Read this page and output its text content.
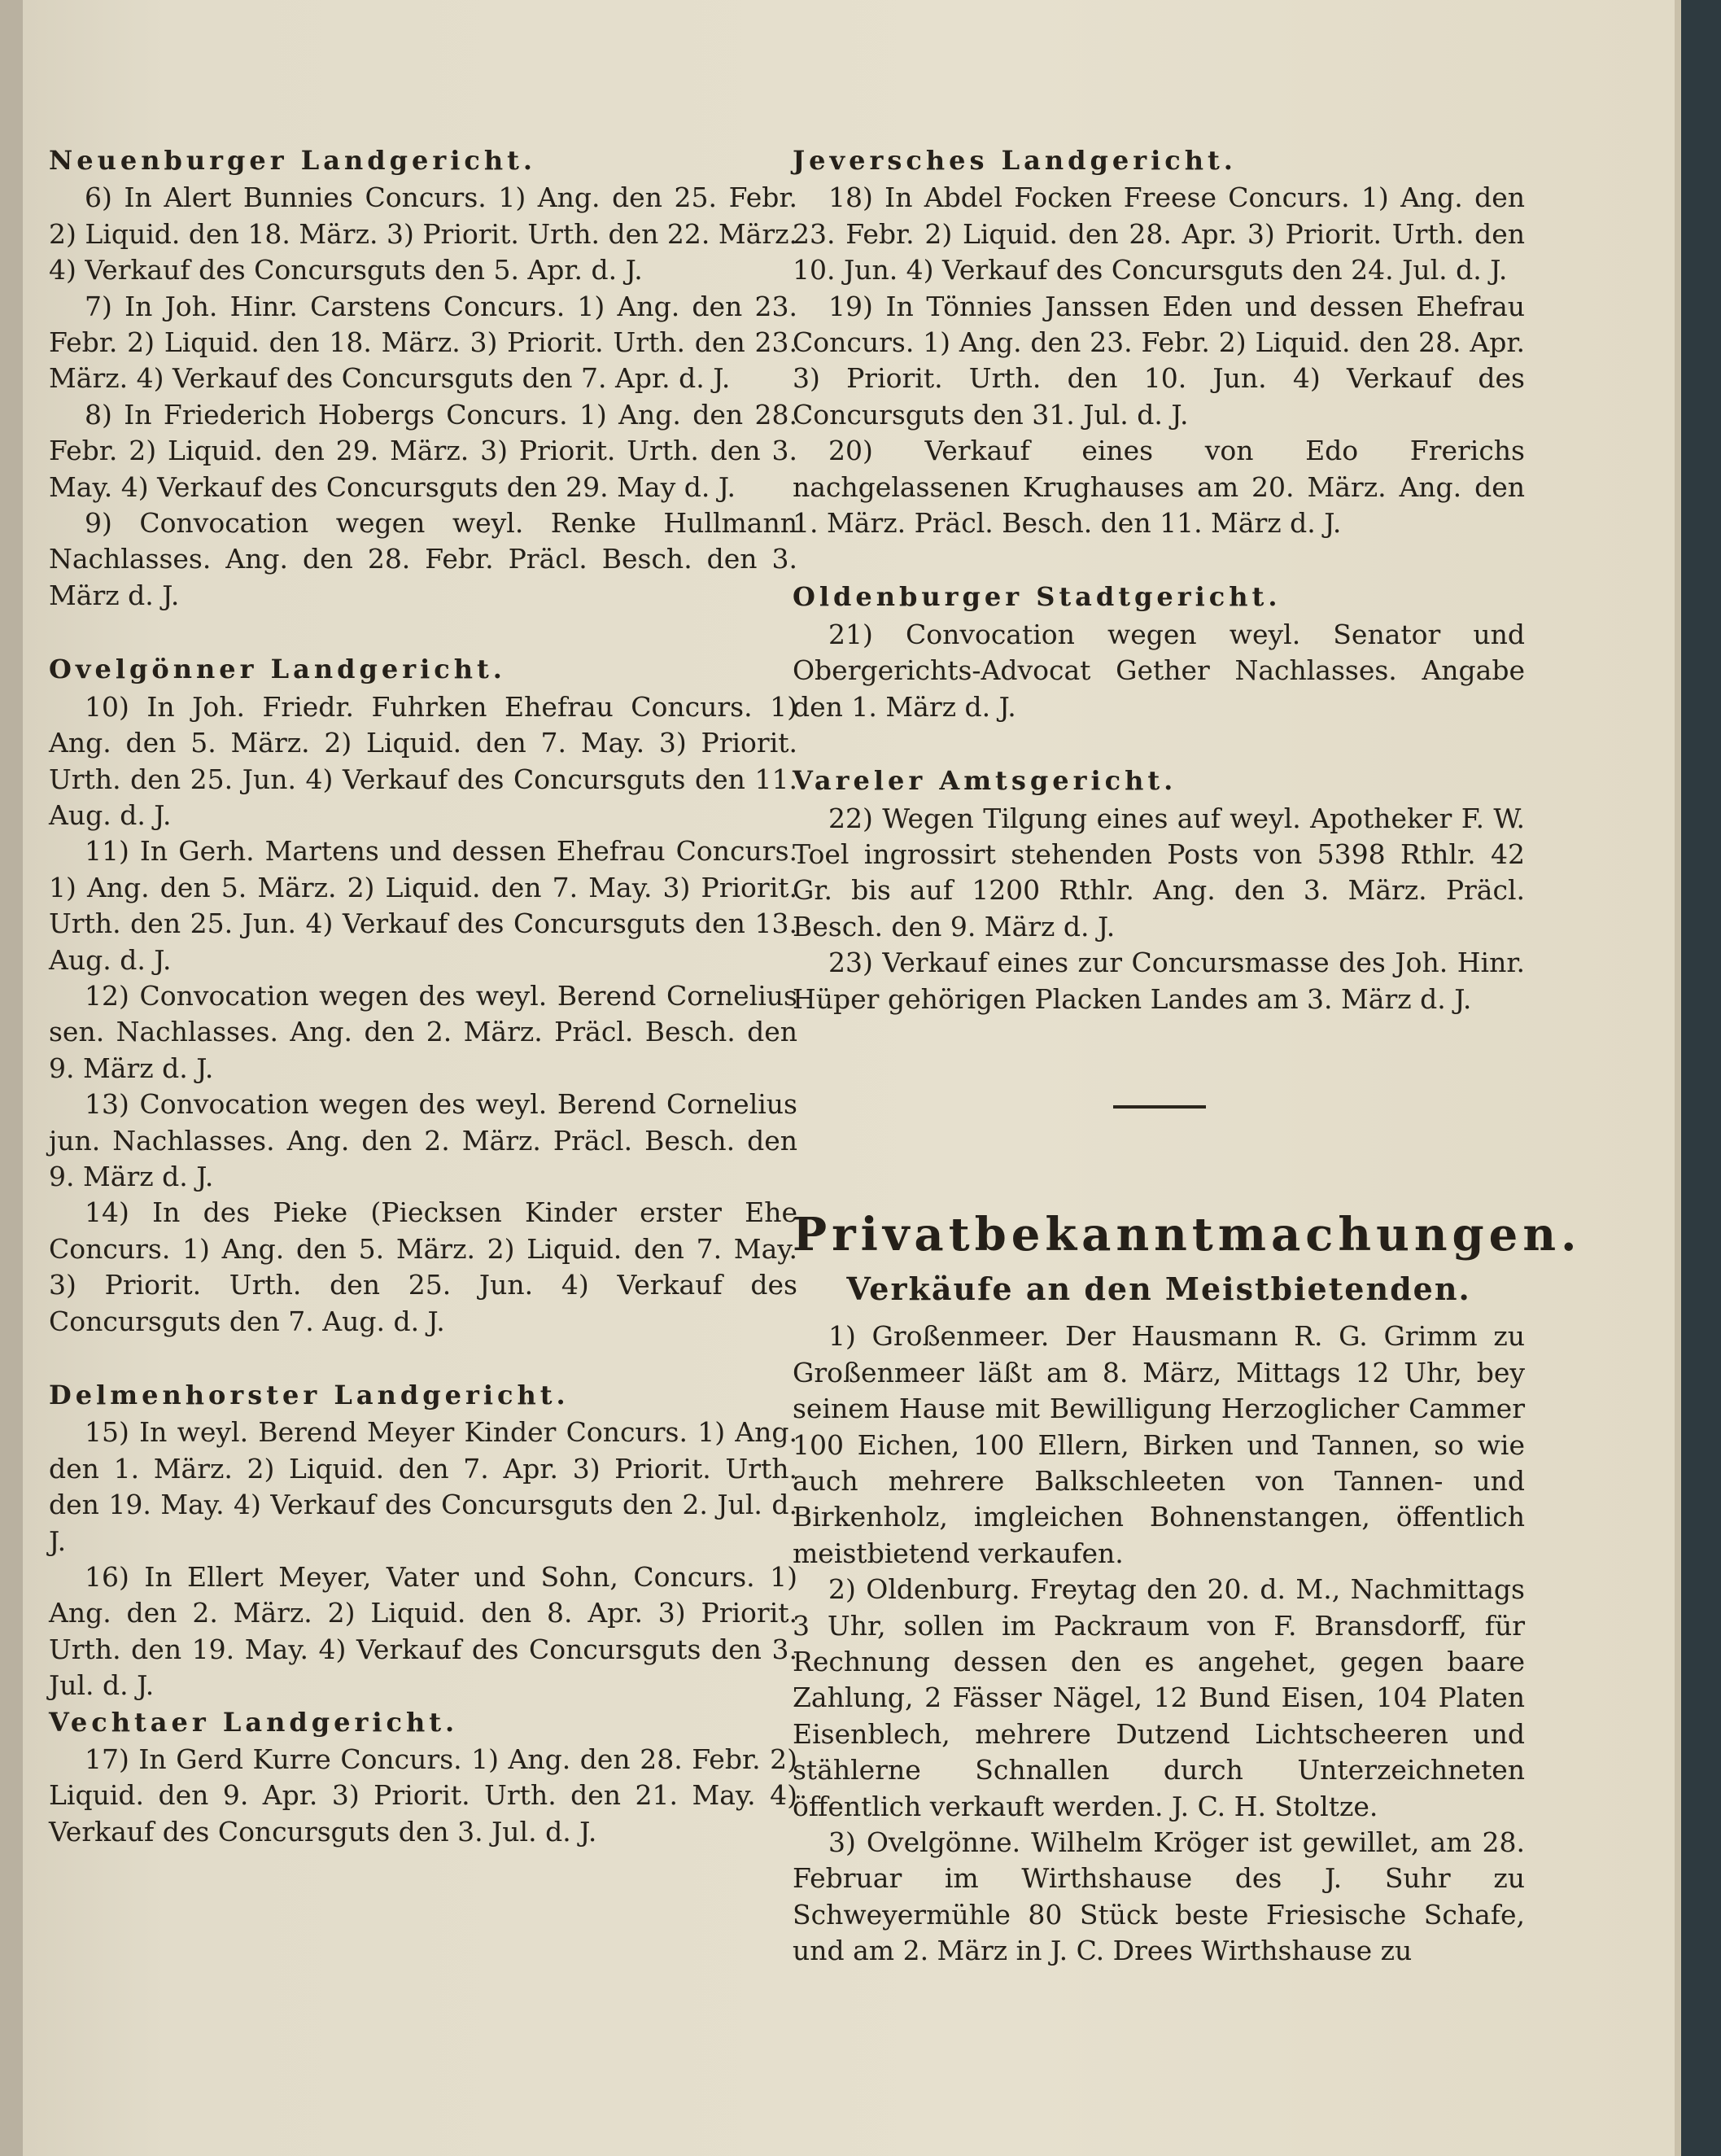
Neuenburger Landgericht.

6) In Alert Bunnies Concurs. 1) Ang. den 25. Febr. 2) Liquid. den 18. März. 3) Priorit. Urth. den 22. März. 4) Verkauf des Concursguts den 5. Apr. d. J.

7) In Joh. Hinr. Carstens Concurs. 1) Ang. den 23. Febr. 2) Liquid. den 18. März. 3) Priorit. Urth. den 23. März. 4) Verkauf des Concursguts den 7. Apr. d. J.

8) In Friederich Hobergs Concurs. 1) Ang. den 28. Febr. 2) Liquid. den 29. März. 3) Priorit. Urth. den 3. May. 4) Verkauf des Concursguts den 29. May d. J.

9) Convocation wegen weyl. Renke Hullmann Nachlasses. Ang. den 28. Febr. Präcl. Besch. den 3. März d. J.

Ovelgönner Landgericht.

10) In Joh. Friedr. Fuhrken Ehefrau Concurs. 1) Ang. den 5. März. 2) Liquid. den 7. May. 3) Priorit. Urth. den 25. Jun. 4) Verkauf des Concursguts den 11. Aug. d. J.

11) In Gerh. Martens und dessen Ehefrau Concurs. 1) Ang. den 5. März. 2) Liquid. den 7. May. 3) Priorit. Urth. den 25. Jun. 4) Verkauf des Concursguts den 13. Aug. d. J.

12) Convocation wegen des weyl. Berend Cornelius sen. Nachlasses. Ang. den 2. März. Präcl. Besch. den 9. März d. J.

13) Convocation wegen des weyl. Berend Cornelius jun. Nachlasses. Ang. den 2. März. Präcl. Besch. den 9. März d. J.

14) In des Pieke (Piecksen Kinder erster Ehe Concurs. 1) Ang. den 5. März. 2) Liquid. den 7. May. 3) Priorit. Urth. den 25. Jun. 4) Verkauf des Concursguts den 7. Aug. d. J.

Delmenhorster Landgericht.

15) In weyl. Berend Meyer Kinder Concurs. 1) Ang. den 1. März. 2) Liquid. den 7. Apr. 3) Priorit. Urth. den 19. May. 4) Verkauf des Concursguts den 2. Jul. d. J.

16) In Ellert Meyer, Vater und Sohn, Concurs. 1) Ang. den 2. März. 2) Liquid. den 8. Apr. 3) Priorit. Urth. den 19. May. 4) Verkauf des Concursguts den 3. Jul. d. J.

Vechtaer Landgericht.

17) In Gerd Kurre Concurs. 1) Ang. den 28. Febr. 2) Liquid. den 9. Apr. 3) Priorit. Urth. den 21. May. 4) Verkauf des Concursguts den 3. Jul. d. J.

Jeversches Landgericht.

18) In Abdel Focken Freese Concurs. 1) Ang. den 23. Febr. 2) Liquid. den 28. Apr. 3) Priorit. Urth. den 10. Jun. 4) Verkauf des Concursguts den 24. Jul. d. J.

19) In Tönnies Janssen Eden und dessen Ehefrau Concurs. 1) Ang. den 23. Febr. 2) Liquid. den 28. Apr. 3) Priorit. Urth. den 10. Jun. 4) Verkauf des Concursguts den 31. Jul. d. J.

20) Verkauf eines von Edo Frerichs nachgelassenen Krughauses am 20. März. Ang. den 1. März. Präcl. Besch. den 11. März d. J.

Oldenburger Stadtgericht.

21) Convocation wegen weyl. Senator und Obergerichts-Advocat Gether Nachlasses. Angabe den 1. März d. J.

Vareler Amtsgericht.

22) Wegen Tilgung eines auf weyl. Apotheker F. W. Toel ingrossirt stehenden Posts von 5398 Rthlr. 42 Gr. bis auf 1200 Rthlr. Ang. den 3. März. Präcl. Besch. den 9. März d. J.

23) Verkauf eines zur Concursmasse des Joh. Hinr. Hüper gehörigen Placken Landes am 3. März d. J.

Privatbekanntmachungen.
Verkäufe an den Meistbietenden.

1) Großenmeer. Der Hausmann R. G. Grimm zu Großenmeer läßt am 8. März, Mittags 12 Uhr, bey seinem Hause mit Bewilligung Herzoglicher Cammer 100 Eichen, 100 Ellern, Birken und Tannen, so wie auch mehrere Balkschleeten von Tannen- und Birkenholz, imgleichen Bohnenstangen, öffentlich meistbietend verkaufen.

2) Oldenburg. Freytag den 20. d. M., Nachmittags 3 Uhr, sollen im Packraum von F. Bransdorff, für Rechnung dessen den es angehet, gegen baare Zahlung, 2 Fässer Nägel, 12 Bund Eisen, 104 Platen Eisenblech, mehrere Dutzend Lichtscheeren und stählerne Schnallen durch Unterzeichneten öffentlich verkauft werden. J. C. H. Stoltze.

3) Ovelgönne. Wilhelm Kröger ist gewillet, am 28. Februar im Wirthshause des J. Suhr zu Schweyermühle 80 Stück beste Friesische Schafe, und am 2. März in J. C. Drees Wirthshause zu
